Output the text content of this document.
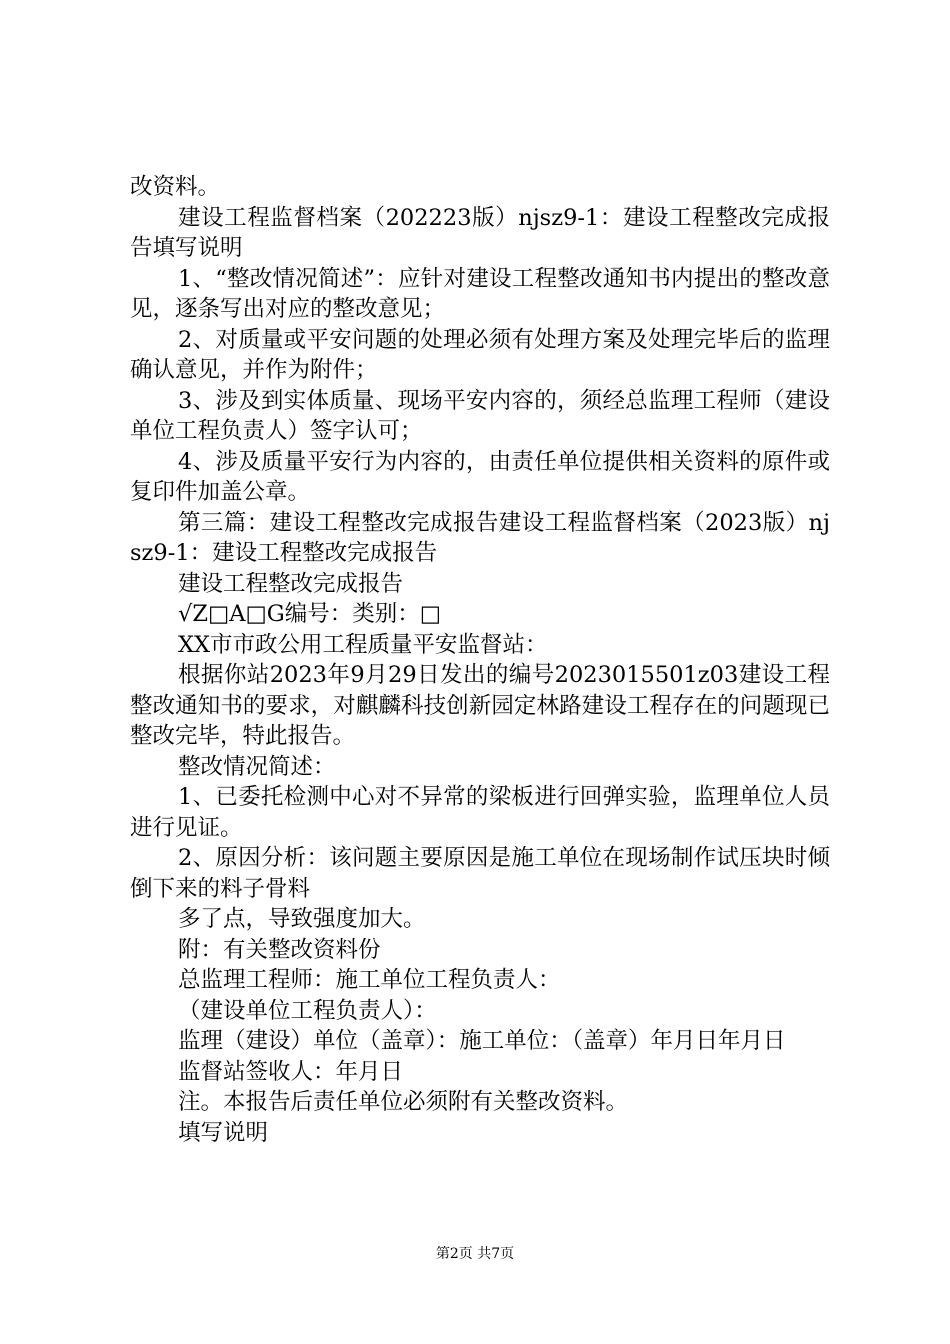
改资料。

建设工程监督档案（202223版）njsz9-1：建设工程整改完成报告填写说明

1、“整改情况简述”：应针对建设工程整改通知书内提出的整改意见，逐条写出对应的整改意见；

2、对质量或平安问题的处理必须有处理方案及处理完毕后的监理确认意见，并作为附件；

3、涉及到实体质量、现场平安内容的，须经总监理工程师（建设单位工程负责人）签字认可；

4、涉及质量平安行为内容的，由责任单位提供相关资料的原件或复印件加盖公章。

第三篇：建设工程整改完成报告建设工程监督档案（2023版）njsz9-1：建设工程整改完成报告

建设工程整改完成报告

√Z□A□G编号：类别：□

XX市市政公用工程质量平安监督站：

根据你站2023年9月29日发出的编号2023015501z03建设工程整改通知书的要求，对麒麟科技创新园定林路建设工程存在的问题现已整改完毕，特此报告。

整改情况简述：

1、已委托检测中心对不异常的梁板进行回弹实验，监理单位人员进行见证。

2、原因分析：该问题主要原因是施工单位在现场制作试压块时倾倒下来的料子骨料

多了点，导致强度加大。

附：有关整改资料份

总监理工程师：施工单位工程负责人：

（建设单位工程负责人）：

监理（建设）单位（盖章）：施工单位：（盖章）年月日年月日

监督站签收人：年月日

注。本报告后责任单位必须附有关整改资料。

填写说明

第2页 共7页
